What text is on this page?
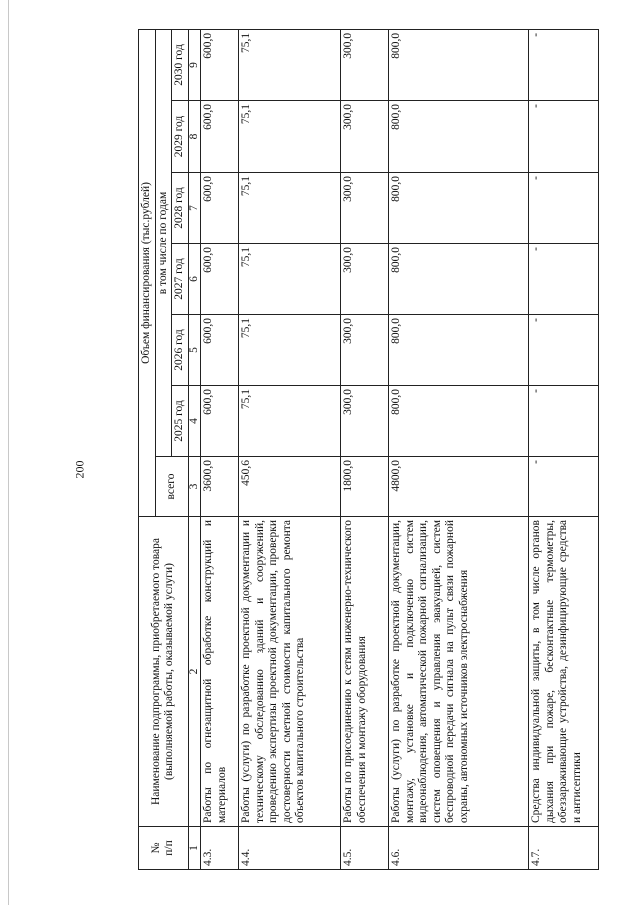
200
№
п/п	Наименование подпрограммы, приобретаемого товара (выполняемой работы, оказываемой услуги)	Объем финансирования (тыс.рублей)						
		всего	в том числе по годам					
			2025 год	2026 год	2027 год	2028 год	2029 год	2030 год
1	2	3	4	5	6	7	8	9
4.3.	Работы по огнезащитной обработке конструкций и материалов	3600,0	600,0	600,0	600,0	600,0	600,0	600,0
4.4.	Работы (услуги) по разработке проектной документации и техническому обследованию зданий и сооружений, проведению экспертизы проектной документации, проверки достоверности сметной стоимости капитального ремонта объектов капитального строительства	450,6	75,1	75,1	75,1	75,1	75,1	75,1
4.5.	Работы по присоединению к сетям инженерно-технического обеспечения и монтажу оборудования	1800,0	300,0	300,0	300,0	300,0	300,0	300,0
4.6.	Работы (услуги) по разработке проектной документации, монтажу, установке и подключению систем видеонаблюдения, автоматической пожарной сигнализации, систем оповещения и управления эвакуацией, систем беспроводной передачи сигнала на пульт связи пожарной охраны, автономных источников электроснабжения	4800,0	800,0	800,0	800,0	800,0	800,0	800,0
4.7.	Средства индивидуальной защиты, в том числе органов дыхания при пожаре, бесконтактные термометры, обеззараживающие устройства, дезинфицирующие средства и антисептики	-	-	-	-	-	-	-
